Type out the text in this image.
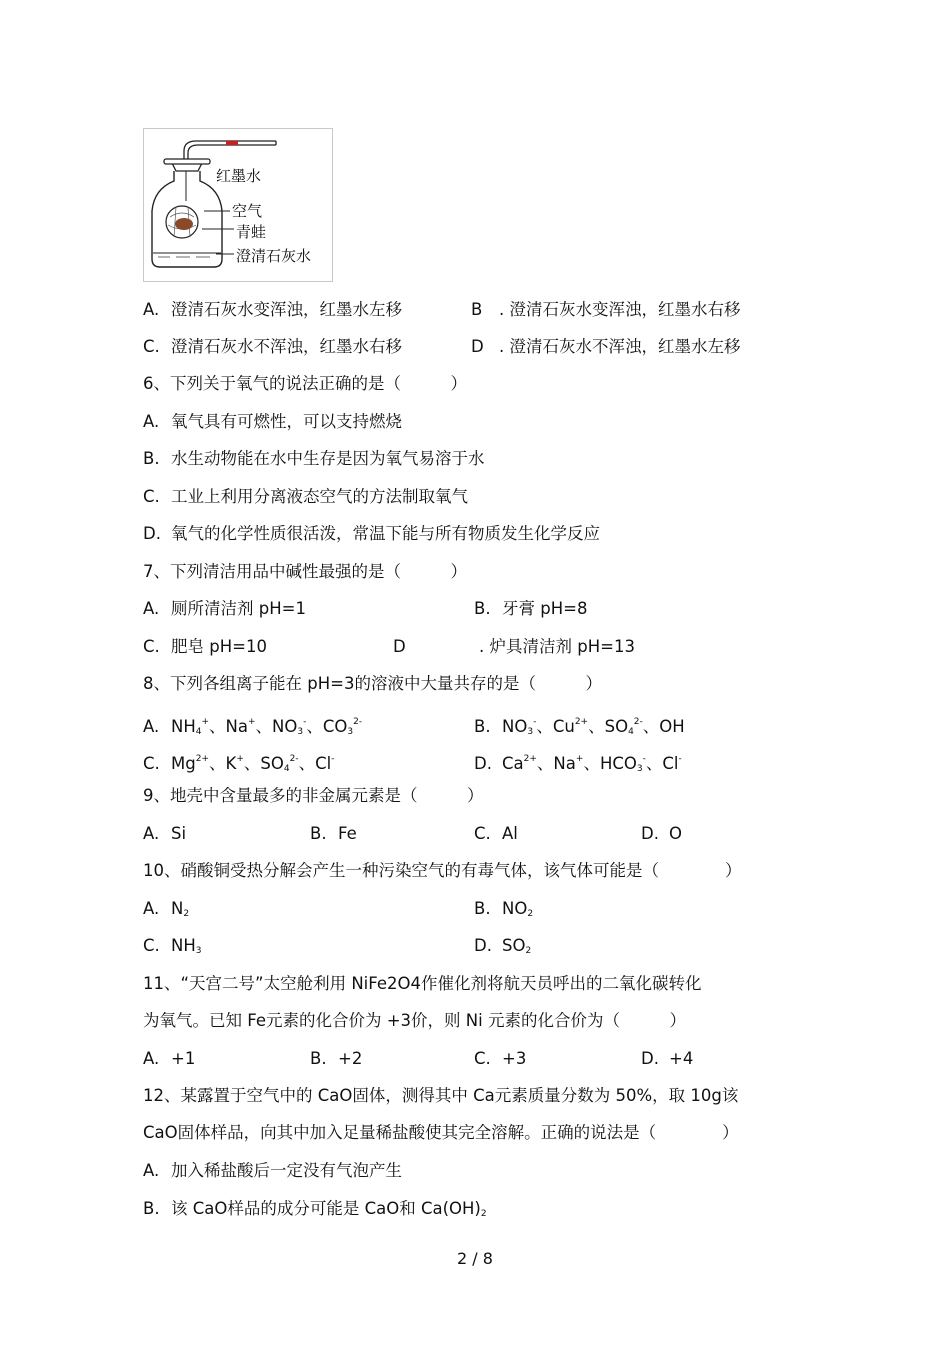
红墨水
空气
青蛙
澄清石灰水
A. 澄清石灰水变浑浊，红墨水左移	B . 澄清石灰水变浑浊，红墨水右移
C. 澄清石灰水不浑浊，红墨水右移	D . 澄清石灰水不浑浊，红墨水左移
6、下列关于氧气的说法正确的是（　　　）
A. 氧气具有可燃性，可以支持燃烧
B. 水生动物能在水中生存是因为氧气易溶于水
C. 工业上利用分离液态空气的方法制取氧气
D. 氧气的化学性质很活泼，常温下能与所有物质发生化学反应
7、下列清洁用品中碱性最强的是（　　　）
A. 厕所清洁剂 pH=1	B. 牙膏 pH=8
C. 肥皂 pH=10	D	. 炉具清洁剂 pH=13
8、下列各组离子能在 pH=3的溶液中大量共存的是（　　　）
A. $NH_4^+$、Na+、$NO_3^-$、$CO_3^{2-}$	B. $NO_3^-$、$Cu^{2+}$、$SO_4^{2-}$、OH
C. $Mg^{2+}$、K+、$SO_4^{2-}$、Cl-	D. $Ca^{2+}$、Na+、$HCO_3^-$、Cl-
9、地壳中含量最多的非金属元素是（　　　）
A. Si	B. Fe	C. Al	D. O
10、硝酸铜受热分解会产生一种污染空气的有毒气体，该气体可能是（　　　　）
A. $N_2$	B. $NO_2$
C. $NH_3$	D. $SO_2$
11、“天宫二号”太空舱利用 NiFe2O4作催化剂将航天员呼出的二氧化碳转化
为氧气。已知 Fe元素的化合价为 +3价，则 Ni 元素的化合价为（　　　）
A. +1	B. +2	C. +3	D. +4
12、某露置于空气中的 CaO固体，测得其中 Ca元素质量分数为 50%，取 10g该
CaO固体样品，向其中加入足量稀盐酸使其完全溶解。正确的说法是（　　　　）
A. 加入稀盐酸后一定没有气泡产生
B. 该 CaO样品的成分可能是 CaO和 $Ca(OH)_2$
2 / 8
